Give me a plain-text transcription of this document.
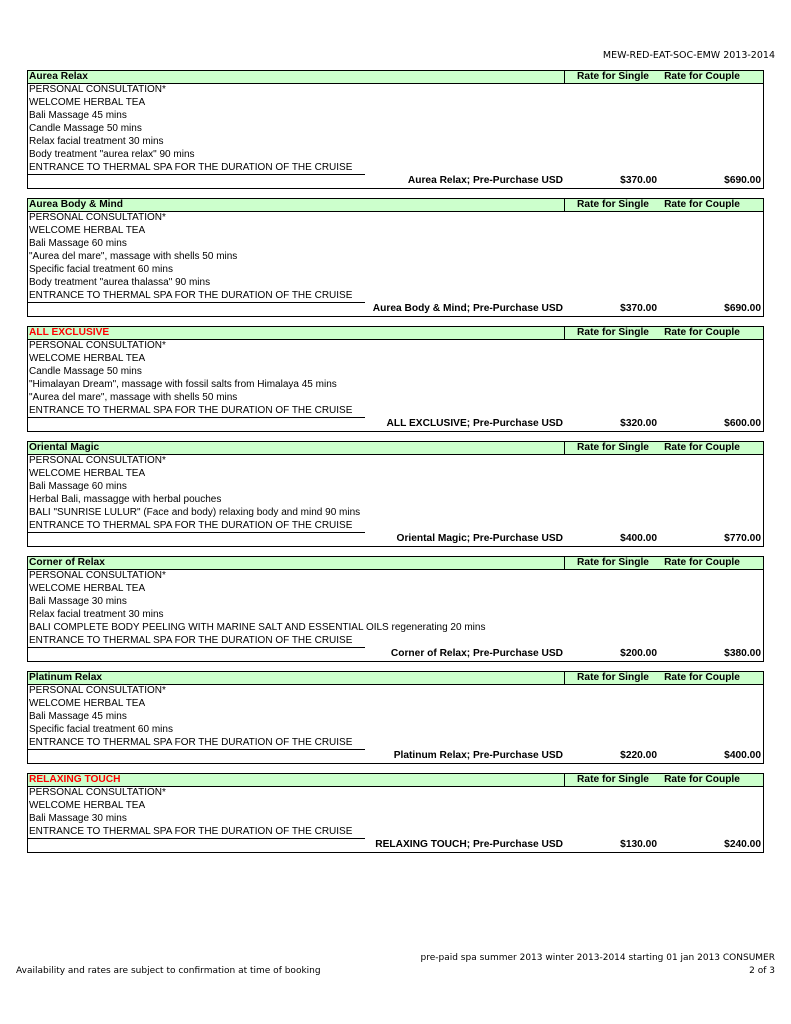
MEW-RED-EAT-SOC-EMW 2013-2014
Aurea Relax	Rate for Single	Rate for Couple
PERSONAL CONSULTATION*
WELCOME HERBAL TEA
Bali Massage 45 mins
Candle Massage 50 mins
Relax facial treatment 30 mins
Body treatment "aurea relax" 90 mins
ENTRANCE TO THERMAL SPA FOR THE DURATION OF THE CRUISE
Aurea Relax; Pre-Purchase USD	$370.00	$690.00
Aurea Body & Mind	Rate for Single	Rate for Couple
PERSONAL CONSULTATION*
WELCOME HERBAL TEA
Bali Massage 60 mins
"Aurea del mare", massage with shells 50 mins
Specific facial treatment 60 mins
Body treatment "aurea thalassa" 90 mins
ENTRANCE TO THERMAL SPA FOR THE DURATION OF THE CRUISE
Aurea Body & Mind; Pre-Purchase USD	$370.00	$690.00
ALL EXCLUSIVE	Rate for Single	Rate for Couple
PERSONAL CONSULTATION*
WELCOME HERBAL TEA
Candle Massage 50 mins
"Himalayan Dream", massage with fossil salts from Himalaya 45 mins
"Aurea del mare", massage with shells 50 mins
ENTRANCE TO THERMAL SPA FOR THE DURATION OF THE CRUISE
ALL EXCLUSIVE; Pre-Purchase USD	$320.00	$600.00
Oriental Magic	Rate for Single	Rate for Couple
PERSONAL CONSULTATION*
WELCOME HERBAL TEA
Bali Massage 60 mins
Herbal Bali, massagge with herbal pouches
BALI "SUNRISE LULUR" (Face and body) relaxing body and mind 90 mins
ENTRANCE TO THERMAL SPA FOR THE DURATION OF THE CRUISE
Oriental Magic; Pre-Purchase USD	$400.00	$770.00
Corner of Relax	Rate for Single	Rate for Couple
PERSONAL CONSULTATION*
WELCOME HERBAL TEA
Bali Massage 30 mins
Relax facial treatment 30 mins
BALI COMPLETE BODY PEELING WITH MARINE SALT AND ESSENTIAL OILS regenerating 20 mins
ENTRANCE TO THERMAL SPA FOR THE DURATION OF THE CRUISE
Corner of Relax; Pre-Purchase USD	$200.00	$380.00
Platinum Relax	Rate for Single	Rate for Couple
PERSONAL CONSULTATION*
WELCOME HERBAL TEA
Bali Massage 45 mins
Specific facial treatment 60 mins
ENTRANCE TO THERMAL SPA FOR THE DURATION OF THE CRUISE
Platinum Relax; Pre-Purchase USD	$220.00	$400.00
RELAXING TOUCH	Rate for Single	Rate for Couple
PERSONAL CONSULTATION*
WELCOME HERBAL TEA
Bali Massage 30 mins
ENTRANCE TO THERMAL SPA FOR THE DURATION OF THE CRUISE
RELAXING TOUCH; Pre-Purchase USD	$130.00	$240.00
Availability and rates are subject to confirmation at time of booking
pre-paid spa summer 2013 winter 2013-2014 starting 01 jan 2013 CONSUMER
2 of 3
